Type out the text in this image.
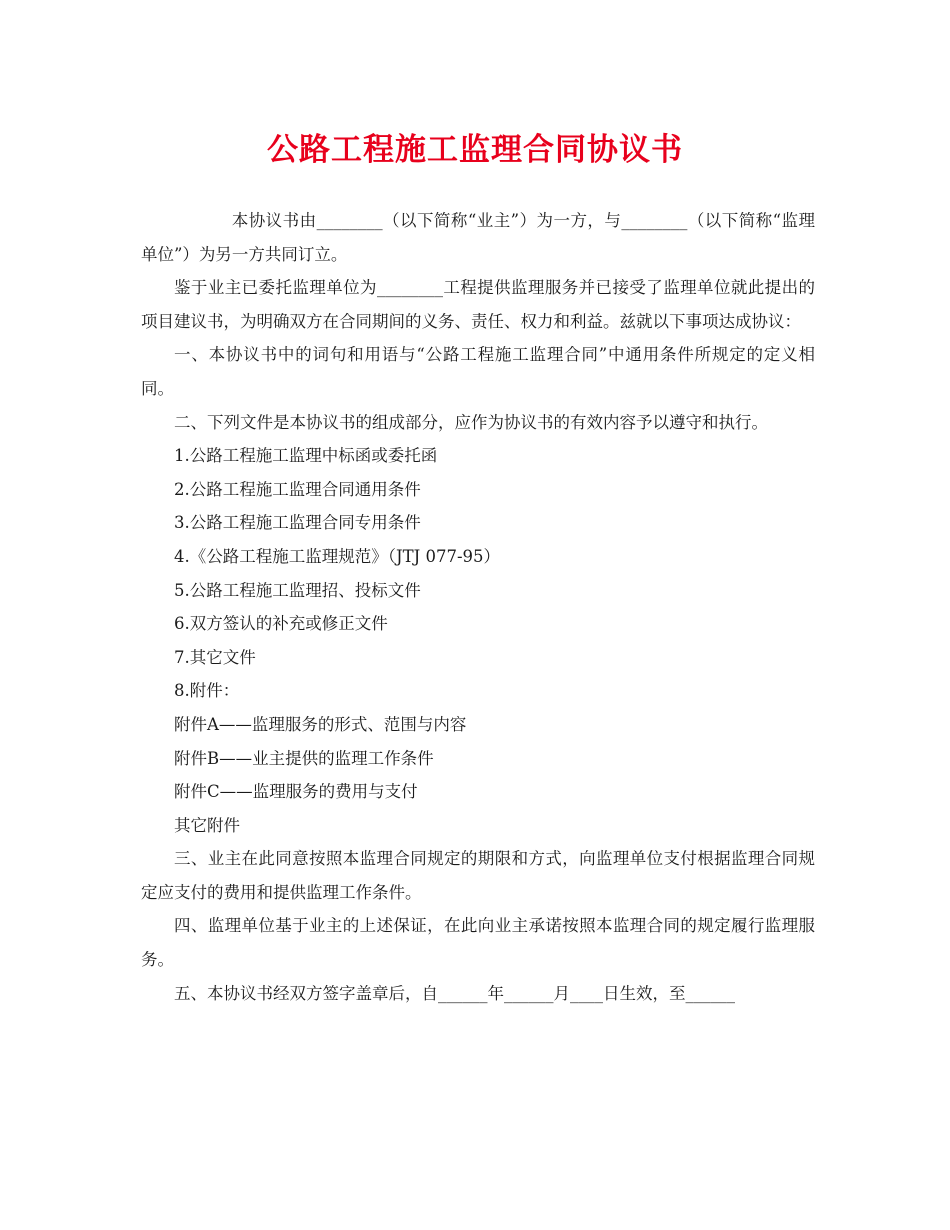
公路工程施工监理合同协议书

本协议书由________（以下简称“业主”）为一方，与________（以下简称“监理单位”）为另一方共同订立。

鉴于业主已委托监理单位为________工程提供监理服务并已接受了监理单位就此提出的项目建议书，为明确双方在合同期间的义务、责任、权力和利益。兹就以下事项达成协议：

一、本协议书中的词句和用语与“公路工程施工监理合同”中通用条件所规定的定义相同。

二、下列文件是本协议书的组成部分，应作为协议书的有效内容予以遵守和执行。

1.公路工程施工监理中标函或委托函

2.公路工程施工监理合同通用条件

3.公路工程施工监理合同专用条件

4.《公路工程施工监理规范》（JTJ 077-95）

5.公路工程施工监理招、投标文件

6.双方签认的补充或修正文件

7.其它文件

8.附件：

附件A——监理服务的形式、范围与内容

附件B——业主提供的监理工作条件

附件C——监理服务的费用与支付

其它附件

三、业主在此同意按照本监理合同规定的期限和方式，向监理单位支付根据监理合同规定应支付的费用和提供监理工作条件。

四、监理单位基于业主的上述保证，在此向业主承诺按照本监理合同的规定履行监理服务。

五、本协议书经双方签字盖章后，自______年______月____日生效，至______
